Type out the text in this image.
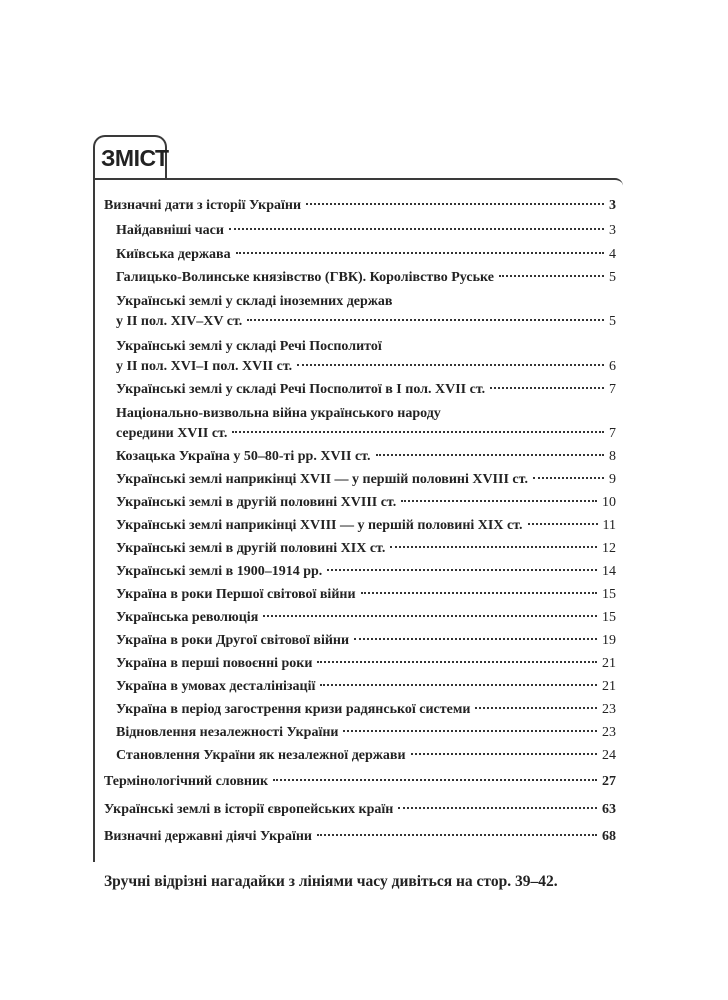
ЗМІСТ
Визначні дати з історії України	3
Найдавніші часи	3
Київська держава	4
Галицько-Волинське князівство (ГВК). Королівство Руське	5
Українські землі у складі іноземних держав
у ІІ пол. XIV–XV ст.	5
Українські землі у складі Речі Посполитої
у ІІ пол. XVI–І пол. XVII ст.	6
Українські землі у складі Речі Посполитої в І пол. XVII ст.	7
Національно-визвольна війна українського народу
середини XVII ст.	7
Козацька Україна у 50–80-ті рр. XVII ст.	8
Українські землі наприкінці XVII — у першій половині XVIII ст.	9
Українські землі в другій половині XVIII ст.	10
Українські землі наприкінці XVIII — у першій половині XIX ст.	11
Українські землі в другій половині XIX ст.	12
Українські землі в 1900–1914 рр.	14
Україна в роки Першої світової війни	15
Українська революція	15
Україна в роки Другої світової війни	19
Україна в перші повоєнні роки	21
Україна в умовах десталінізації	21
Україна в період загострення кризи радянської системи	23
Відновлення незалежності України	23
Становлення України як незалежної держави	24
Термінологічний словник	27
Українські землі в історії європейських країн	63
Визначні державні діячі України	68
Зручні відрізні нагадайки з лініями часу дивіться на стор. 39–42.
